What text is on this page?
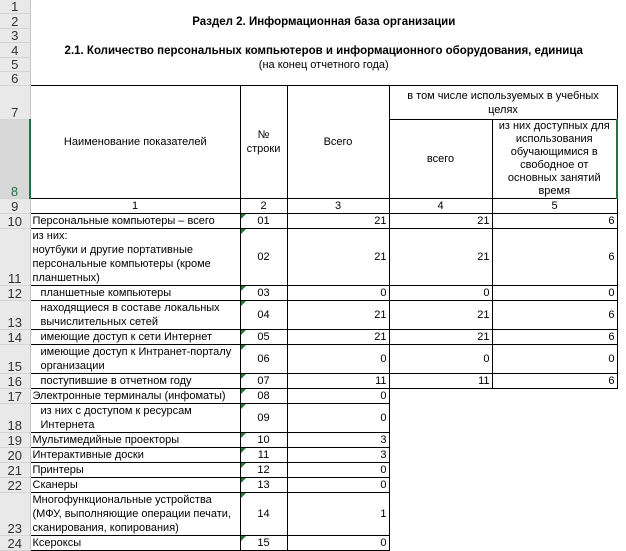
1						
2	Раздел 2. Информационная база организации					
3						
4	2.1. Количество персональных компьютеров и информационного оборудования, единица					
5	(на конец отчетного года)					
6						
7	Наименование показателей	№ строки	Всего	в том числе используемых в учебных целях		
8				всего	из них доступных для использования обучающимися в свободное от основных занятий время	
9	1	2	3	4	5	
10	Персональные компьютеры – всего	01	21	21	6	
11	из них:
ноутбуки и другие портативные персональные компьютеры (кроме планшетных)	02	21	21	6	
12	планшетные компьютеры	03	0	0	0	
13	находящиеся в составе локальных вычислительных сетей	04	21	21	6	
14	имеющие доступ к сети Интернет	05	21	21	6	
15	имеющие доступ к Интранет-порталу организации	06	0	0	0	
16	поступившие в отчетном году	07	11	11	6	
17	Электронные терминалы (инфоматы)	08	0			
18	из них с доступом к ресурсам Интернета	09	0			
19	Мультимедийные проекторы	10	3			
20	Интерактивные доски	11	3			
21	Принтеры	12	0			
22	Сканеры	13	0			
23	Многофункциональные устройства (МФУ, выполняющие операции печати, сканирования, копирования)	14	1			
24	Ксероксы	15	0			
